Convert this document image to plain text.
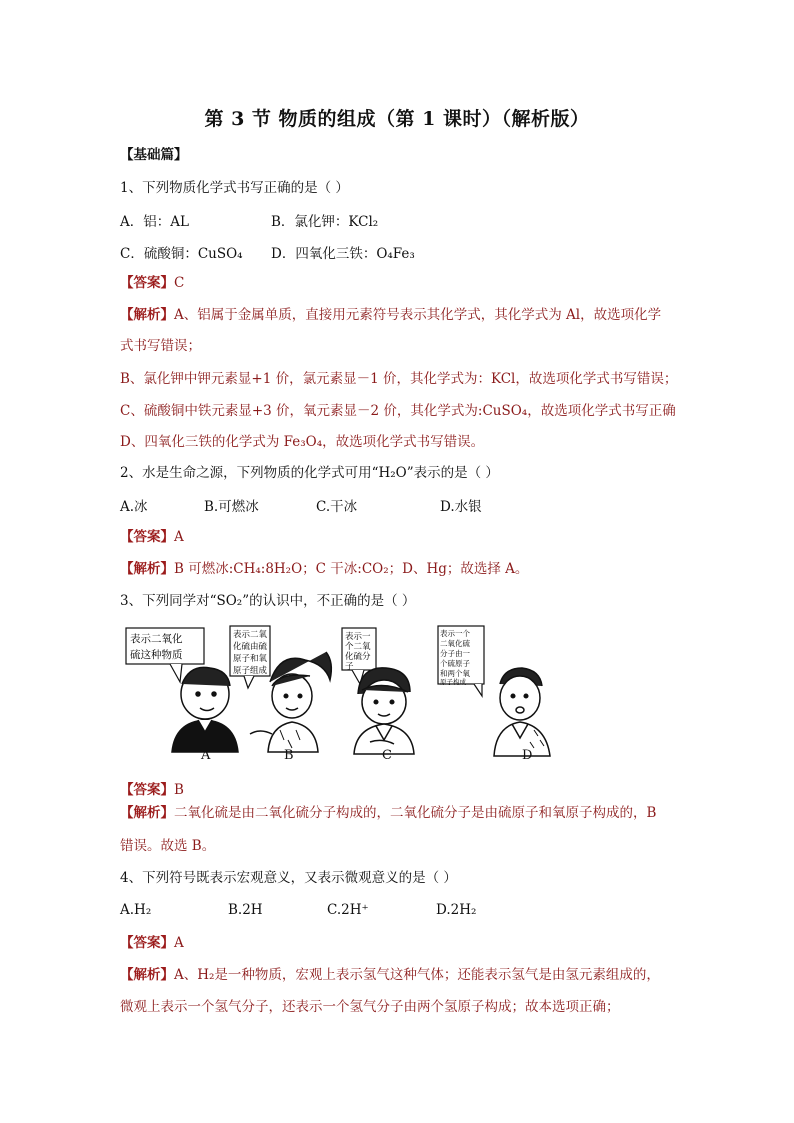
第 3 节 物质的组成（第 1 课时）（解析版）
【基础篇】
1、下列物质化学式书写正确的是（ ）
A．铝：AL	B．氯化钾：KCl₂
C．硫酸铜：CuSO₄ D．四氧化三铁：O₄Fe₃
【答案】C
【解析】A、铝属于金属单质，直接用元素符号表示其化学式，其化学式为 Al，故选项化学
式书写错误；
B、氯化钾中钾元素显+1 价，氯元素显－1 价，其化学式为：KCl，故选项化学式书写错误；
C、硫酸铜中铁元素显+3 价，氧元素显－2 价，其化学式为:CuSO₄，故选项化学式书写正确
D、四氧化三铁的化学式为 Fe₃O₄，故选项化学式书写错误。
2、水是生命之源，下列物质的化学式可用“H₂O”表示的是（ ）
A.冰	B.可燃冰	C.干冰	D.水银
【答案】A
【解析】B 可燃冰:CH₄:8H₂O；C 干冰:CO₂；D、Hg；故选择 A。
3、下列同学对“SO₂”的认识中，不正确的是（ ）
表示二氧化
硫这种物质
表示二氧
化硫由硫
原子和氧
原子组成
表示一
个二氧
化硫分
子
表示一个
二氧化硫
分子由一
个硫原子
和两个氧
原子构成
A	B	C	D
【答案】B
【解析】二氧化硫是由二氧化硫分子构成的，二氧化硫分子是由硫原子和氧原子构成的，B
错误。故选 B。
4、下列符号既表示宏观意义，又表示微观意义的是（ ）
A.H₂	B.2H	C.2H⁺	D.2H₂
【答案】A
【解析】A、H₂是一种物质，宏观上表示氢气这种气体；还能表示氢气是由氢元素组成的，
微观上表示一个氢气分子，还表示一个氢气分子由两个氢原子构成；故本选项正确；
